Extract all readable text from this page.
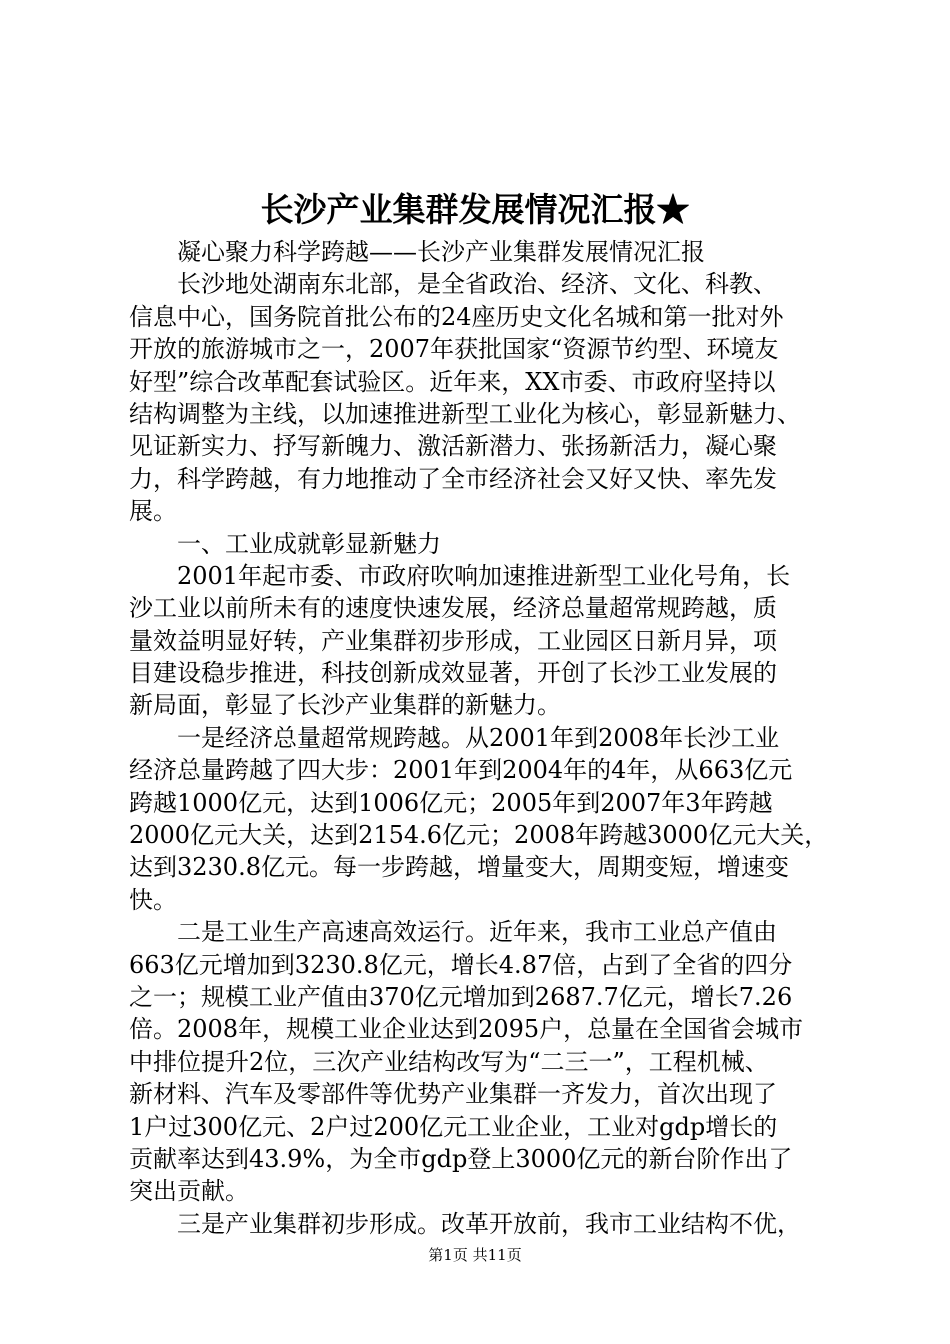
长沙产业集群发展情况汇报★
　　凝心聚力科学跨越——长沙产业集群发展情况汇报
　　长沙地处湖南东北部，是全省政治、经济、文化、科教、
信息中心，国务院首批公布的24座历史文化名城和第一批对外
开放的旅游城市之一，2007年获批国家“资源节约型、环境友
好型”综合改革配套试验区。近年来，XX市委、市政府坚持以
结构调整为主线，以加速推进新型工业化为核心，彰显新魅力、
见证新实力、抒写新魄力、激活新潜力、张扬新活力，凝心聚
力，科学跨越，有力地推动了全市经济社会又好又快、率先发
展。
　　一、工业成就彰显新魅力
　　2001年起市委、市政府吹响加速推进新型工业化号角，长
沙工业以前所未有的速度快速发展，经济总量超常规跨越，质
量效益明显好转，产业集群初步形成，工业园区日新月异，项
目建设稳步推进，科技创新成效显著，开创了长沙工业发展的
新局面，彰显了长沙产业集群的新魅力。
　　一是经济总量超常规跨越。从2001年到2008年长沙工业
经济总量跨越了四大步：2001年到2004年的4年，从663亿元
跨越1000亿元，达到1006亿元；2005年到2007年3年跨越
2000亿元大关，达到2154.6亿元；2008年跨越3000亿元大关，
达到3230.8亿元。每一步跨越，增量变大，周期变短，增速变
快。
　　二是工业生产高速高效运行。近年来，我市工业总产值由
663亿元增加到3230.8亿元，增长4.87倍，占到了全省的四分
之一；规模工业产值由370亿元增加到2687.7亿元，增长7.26
倍。2008年，规模工业企业达到2095户，总量在全国省会城市
中排位提升2位，三次产业结构改写为“二三一”，工程机械、
新材料、汽车及零部件等优势产业集群一齐发力，首次出现了
1户过300亿元、2户过200亿元工业企业，工业对gdp增长的
贡献率达到43.9%，为全市gdp登上3000亿元的新台阶作出了
突出贡献。
　　三是产业集群初步形成。改革开放前，我市工业结构不优，
第1页 共11页
